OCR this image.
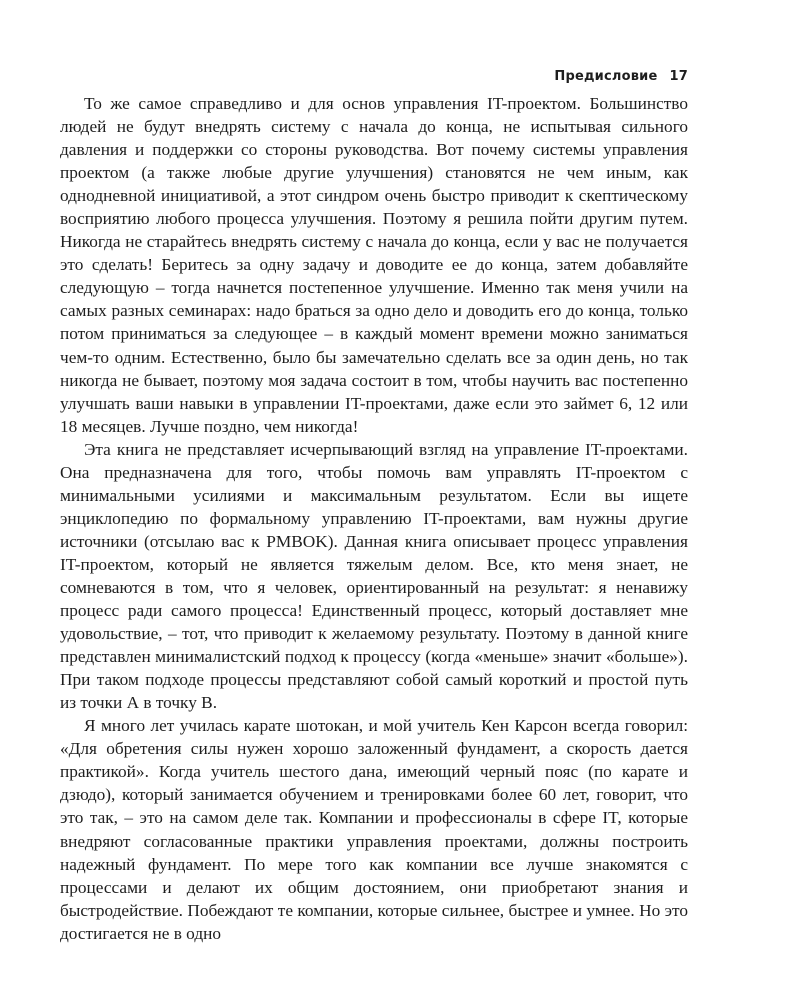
Предисловие 17

То же самое справедливо и для основ управления IT-проектом. Большинство людей не будут внедрять систему с начала до конца, не испытывая сильного давления и поддержки со стороны руководства. Вот почему системы управления проектом (а также любые другие улучшения) становятся не чем иным, как однодневной инициативой, а этот синдром очень быстро приводит к скептическому восприятию любого процесса улучшения. Поэтому я решила пойти другим путем. Никогда не старайтесь внедрять систему с начала до конца, если у вас не получается это сделать! Беритесь за одну задачу и доводите ее до конца, затем добавляйте следующую – тогда начнется постепенное улучшение. Именно так меня учили на самых разных семинарах: надо браться за одно дело и доводить его до конца, только потом приниматься за следующее – в каждый момент времени можно заниматься чем-то одним. Естественно, было бы замечательно сделать все за один день, но так никогда не бывает, поэтому моя задача состоит в том, чтобы научить вас постепенно улучшать ваши навыки в управлении IT-проектами, даже если это займет 6, 12 или 18 месяцев. Лучше поздно, чем никогда!

Эта книга не представляет исчерпывающий взгляд на управление IT-проектами. Она предназначена для того, чтобы помочь вам управлять IT-проектом с минимальными усилиями и максимальным результатом. Если вы ищете энциклопедию по формальному управлению IT-проектами, вам нужны другие источники (отсылаю вас к PMBOK). Данная книга описывает процесс управления IT-проектом, который не является тяжелым делом. Все, кто меня знает, не сомневаются в том, что я человек, ориентированный на результат: я ненавижу процесс ради самого процесса! Единственный процесс, который доставляет мне удовольствие, – тот, что приводит к желаемому результату. Поэтому в данной книге представлен минималистский подход к процессу (когда «меньше» значит «больше»). При таком подходе процессы представляют собой самый короткий и простой путь из точки А в точку В.

Я много лет училась карате шотокан, и мой учитель Кен Карсон всегда говорил: «Для обретения силы нужен хорошо заложенный фундамент, а скорость дается практикой». Когда учитель шестого дана, имеющий черный пояс (по карате и дзюдо), который занимается обучением и тренировками более 60 лет, говорит, что это так, – это на самом деле так. Компании и профессионалы в сфере IT, которые внедряют согласованные практики управления проектами, должны построить надежный фундамент. По мере того как компании все лучше знакомятся с процессами и делают их общим достоянием, они приобретают знания и быстродействие. Побеждают те компании, которые сильнее, быстрее и умнее. Но это достигается не в одно
